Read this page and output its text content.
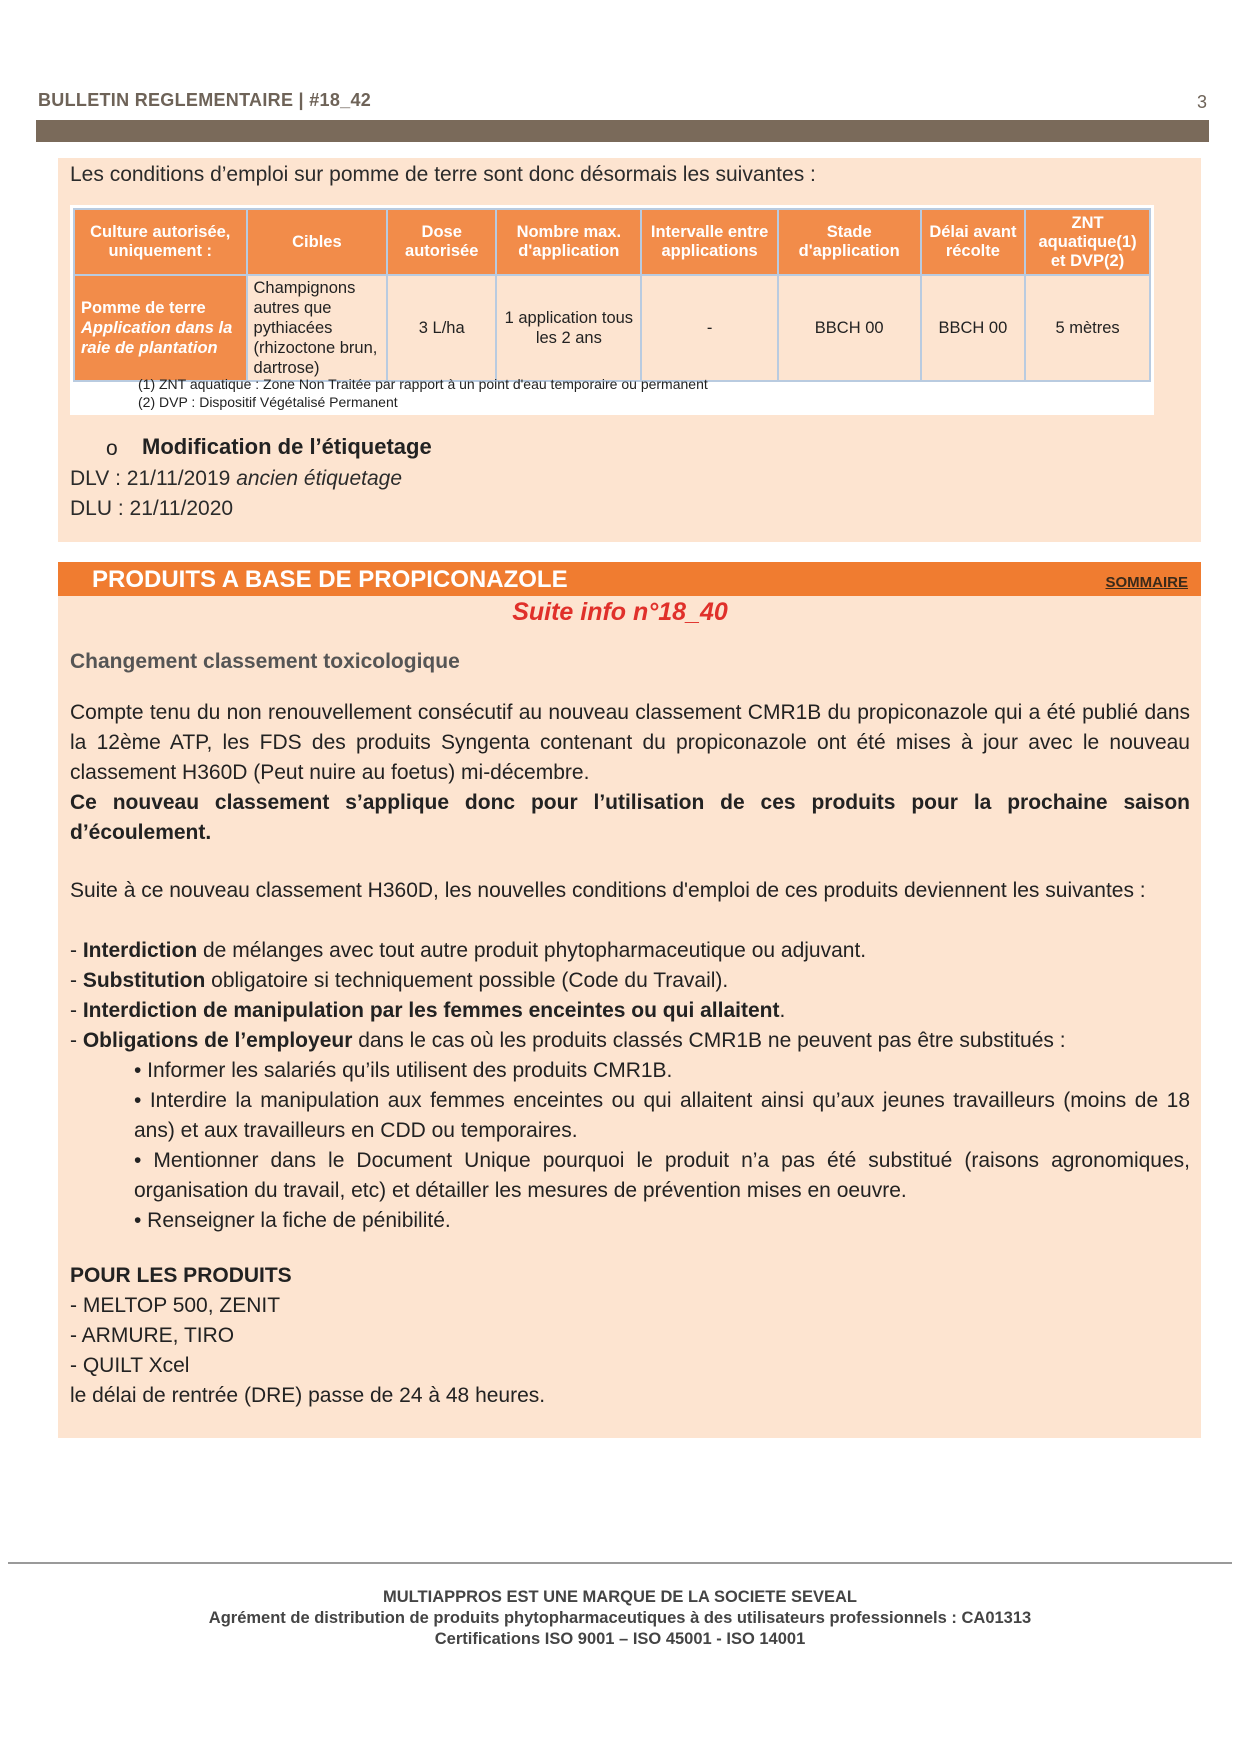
BULLETIN REGLEMENTAIRE | #18_42	3
Les conditions d’emploi sur pomme de terre sont donc désormais les suivantes :
Culture autorisée, uniquement :	Cibles	Dose autorisée	Nombre max. d'application	Intervalle entre applications	Stade d'application	Délai avant récolte	ZNT aquatique(1) et DVP(2)

Pomme de terre
Application dans la raie de plantation	Champignons autres que pythiacées (rhizoctone brun, dartrose)	3 L/ha	1 application tous les 2 ans	-	BBCH 00	BBCH 00	5 mètres
(1) ZNT aquatique : Zone Non Traitée par rapport à un point d'eau temporaire ou permanent
(2) DVP : Dispositif Végétalisé Permanent
o Modification de l’étiquetage
DLV : 21/11/2019 ancien étiquetage
DLU : 21/11/2020
PRODUITS A BASE DE PROPICONAZOLE	SOMMAIRE
Suite info n°18_40
Changement classement toxicologique
Compte tenu du non renouvellement consécutif au nouveau classement CMR1B du propiconazole qui a été publié dans la 12ème ATP, les FDS des produits Syngenta contenant du propiconazole ont été mises à jour avec le nouveau classement H360D (Peut nuire au foetus) mi-décembre.
Ce nouveau classement s’applique donc pour l’utilisation de ces produits pour la prochaine saison d’écoulement.
Suite à ce nouveau classement H360D, les nouvelles conditions d'emploi de ces produits deviennent les suivantes :
- Interdiction de mélanges avec tout autre produit phytopharmaceutique ou adjuvant.
- Substitution obligatoire si techniquement possible (Code du Travail).
- Interdiction de manipulation par les femmes enceintes ou qui allaitent.
- Obligations de l’employeur dans le cas où les produits classés CMR1B ne peuvent pas être substitués :
• Informer les salariés qu’ils utilisent des produits CMR1B.
• Interdire la manipulation aux femmes enceintes ou qui allaitent ainsi qu’aux jeunes travailleurs (moins de 18 ans) et aux travailleurs en CDD ou temporaires.
• Mentionner dans le Document Unique pourquoi le produit n’a pas été substitué (raisons agronomiques, organisation du travail, etc) et détailler les mesures de prévention mises en oeuvre.
• Renseigner la fiche de pénibilité.
POUR LES PRODUITS
- MELTOP 500, ZENIT
- ARMURE, TIRO
- QUILT Xcel
le délai de rentrée (DRE) passe de 24 à 48 heures.
MULTIAPPROS EST UNE MARQUE DE LA SOCIETE SEVEAL
Agrément de distribution de produits phytopharmaceutiques à des utilisateurs professionnels : CA01313
Certifications ISO 9001 – ISO 45001 - ISO 14001
